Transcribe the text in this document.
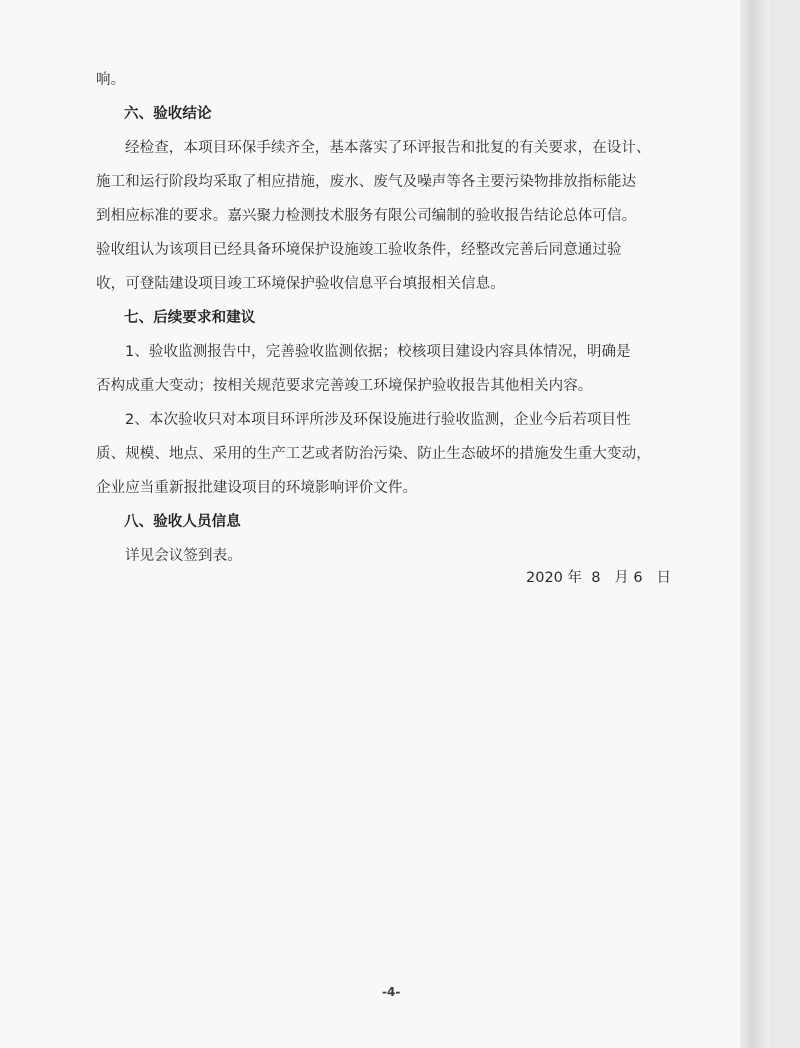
响。
六、验收结论
经检查，本项目环保手续齐全，基本落实了环评报告和批复的有关要求，在设计、
施工和运行阶段均采取了相应措施，废水、废气及噪声等各主要污染物排放指标能达
到相应标准的要求。嘉兴聚力检测技术服务有限公司编制的验收报告结论总体可信。
验收组认为该项目已经具备环境保护设施竣工验收条件，经整改完善后同意通过验
收，可登陆建设项目竣工环境保护验收信息平台填报相关信息。
七、后续要求和建议
1、验收监测报告中，完善验收监测依据；校核项目建设内容具体情况，明确是
否构成重大变动；按相关规范要求完善竣工环境保护验收报告其他相关内容。
2、本次验收只对本项目环评所涉及环保设施进行验收监测，企业今后若项目性
质、规模、地点、采用的生产工艺或者防治污染、防止生态破坏的措施发生重大变动，
企业应当重新报批建设项目的环境影响评价文件。
八、验收人员信息
详见会议签到表。
2020 年  8   月 6   日
-4-
